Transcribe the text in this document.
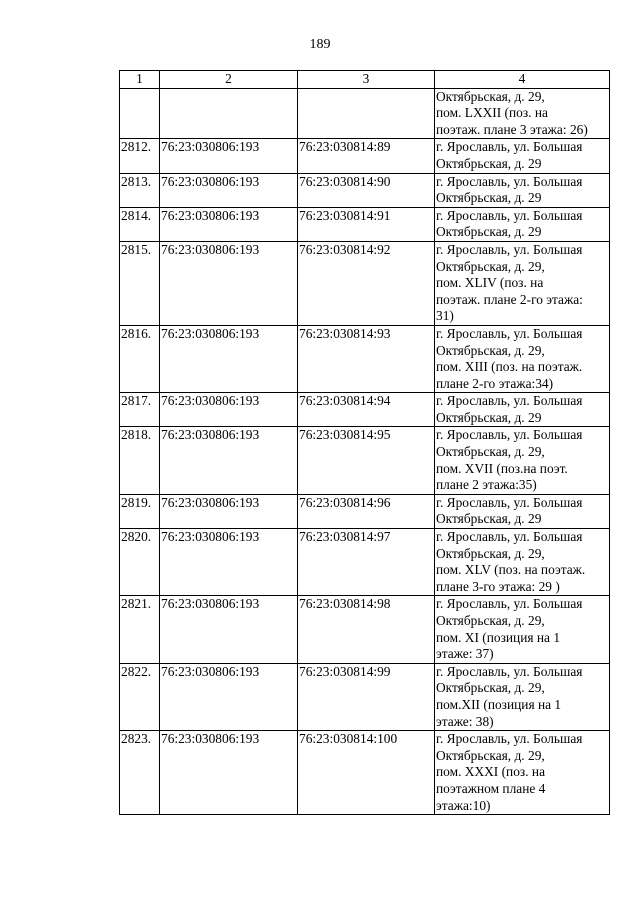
189
1	2	3	4
			Октябрьская, д. 29,
пом. LXXII (поз. на
поэтаж. плане 3 этажа: 26)
2812.	76:23:030806:193	76:23:030814:89	г. Ярославль, ул. Большая
Октябрьская, д. 29
2813.	76:23:030806:193	76:23:030814:90	г. Ярославль, ул. Большая
Октябрьская, д. 29
2814.	76:23:030806:193	76:23:030814:91	г. Ярославль, ул. Большая
Октябрьская, д. 29
2815.	76:23:030806:193	76:23:030814:92	г. Ярославль, ул. Большая
Октябрьская, д. 29,
пом. XLIV (поз. на
поэтаж. плане 2-го этажа:
31)
2816.	76:23:030806:193	76:23:030814:93	г. Ярославль, ул. Большая
Октябрьская, д. 29,
пом. XIII (поз. на поэтаж.
плане 2-го этажа:34)
2817.	76:23:030806:193	76:23:030814:94	г. Ярославль, ул. Большая
Октябрьская, д. 29
2818.	76:23:030806:193	76:23:030814:95	г. Ярославль, ул. Большая
Октябрьская, д. 29,
пом. XVII (поз.на поэт.
плане 2 этажа:35)
2819.	76:23:030806:193	76:23:030814:96	г. Ярославль, ул. Большая
Октябрьская, д. 29
2820.	76:23:030806:193	76:23:030814:97	г. Ярославль, ул. Большая
Октябрьская, д. 29,
пом. XLV (поз. на поэтаж.
плане 3-го этажа: 29 )
2821.	76:23:030806:193	76:23:030814:98	г. Ярославль, ул. Большая
Октябрьская, д. 29,
пом. XI (позиция на 1
этаже: 37)
2822.	76:23:030806:193	76:23:030814:99	г. Ярославль, ул. Большая
Октябрьская, д. 29,
пом.XII (позиция на 1
этаже: 38)
2823.	76:23:030806:193	76:23:030814:100	г. Ярославль, ул. Большая
Октябрьская, д. 29,
пом. XXXI (поз. на
поэтажном плане 4
этажа:10)
